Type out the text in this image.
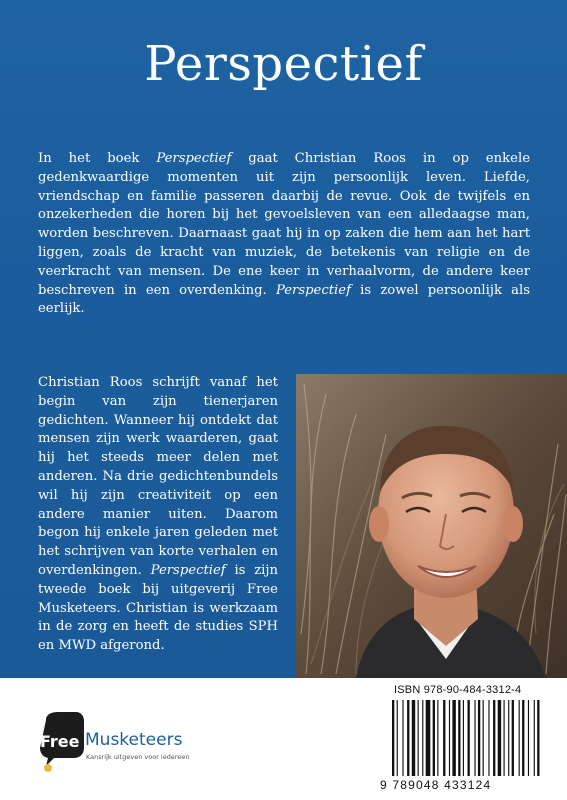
Perspectief

In het boek Perspectief gaat Christian Roos in op enkele gedenkwaardige momenten uit zijn persoonlijk leven. Liefde, vriendschap en familie passeren daarbij de revue. Ook de twijfels en onzekerheden die horen bij het gevoelsleven van een alledaagse man, worden beschreven. Daarnaast gaat hij in op zaken die hem aan het hart liggen, zoals de kracht van muziek, de betekenis van religie en de veerkracht van mensen. De ene keer in verhaalvorm, de andere keer beschreven in een overdenking. Perspectief is zowel persoonlijk als eerlijk.

Christian Roos schrijft vanaf het begin van zijn tienerjaren gedichten. Wanneer hij ontdekt dat mensen zijn werk waarderen, gaat hij het steeds meer delen met anderen. Na drie gedichtenbundels wil hij zijn creativiteit op een andere manier uiten. Daarom begon hij enkele jaren geleden met het schrijven van korte verhalen en overdenkingen. Perspectief is zijn tweede boek bij uitgeverij Free Musketeers. Christian is werkzaam in de zorg en heeft de studies SPH en MWD afgerond.

Free Musketeers
Kansrijk uitgeven voor iedereen
ISBN 978-90-484-3312-4
9 789048 433124
